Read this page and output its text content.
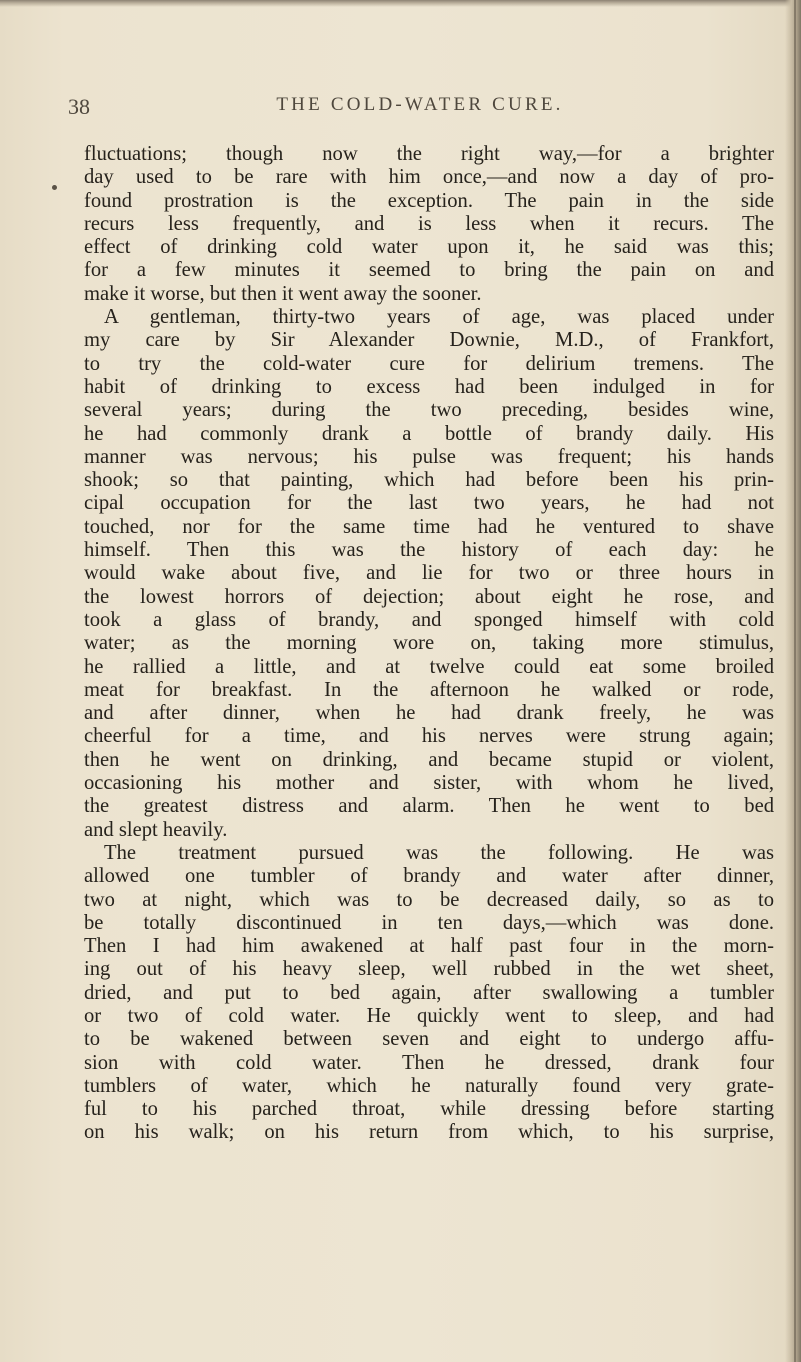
38	THE COLD-WATER CURE.
fluctuations; though now the right way,—for a brighter
day used to be rare with him once,—and now a day of pro-
found prostration is the exception. The pain in the side
recurs less frequently, and is less when it recurs. The
effect of drinking cold water upon it, he said was this;
for a few minutes it seemed to bring the pain on and
make it worse, but then it went away the sooner.
A gentleman, thirty-two years of age, was placed under
my care by Sir Alexander Downie, M.D., of Frankfort,
to try the cold-water cure for delirium tremens. The
habit of drinking to excess had been indulged in for
several years; during the two preceding, besides wine,
he had commonly drank a bottle of brandy daily. His
manner was nervous; his pulse was frequent; his hands
shook; so that painting, which had before been his prin-
cipal occupation for the last two years, he had not
touched, nor for the same time had he ventured to shave
himself. Then this was the history of each day: he
would wake about five, and lie for two or three hours in
the lowest horrors of dejection; about eight he rose, and
took a glass of brandy, and sponged himself with cold
water; as the morning wore on, taking more stimulus,
he rallied a little, and at twelve could eat some broiled
meat for breakfast. In the afternoon he walked or rode,
and after dinner, when he had drank freely, he was
cheerful for a time, and his nerves were strung again;
then he went on drinking, and became stupid or violent,
occasioning his mother and sister, with whom he lived,
the greatest distress and alarm. Then he went to bed
and slept heavily.
The treatment pursued was the following. He was
allowed one tumbler of brandy and water after dinner,
two at night, which was to be decreased daily, so as to
be totally discontinued in ten days,—which was done.
Then I had him awakened at half past four in the morn-
ing out of his heavy sleep, well rubbed in the wet sheet,
dried, and put to bed again, after swallowing a tumbler
or two of cold water. He quickly went to sleep, and had
to be wakened between seven and eight to undergo affu-
sion with cold water. Then he dressed, drank four
tumblers of water, which he naturally found very grate-
ful to his parched throat, while dressing before starting
on his walk; on his return from which, to his surprise,
